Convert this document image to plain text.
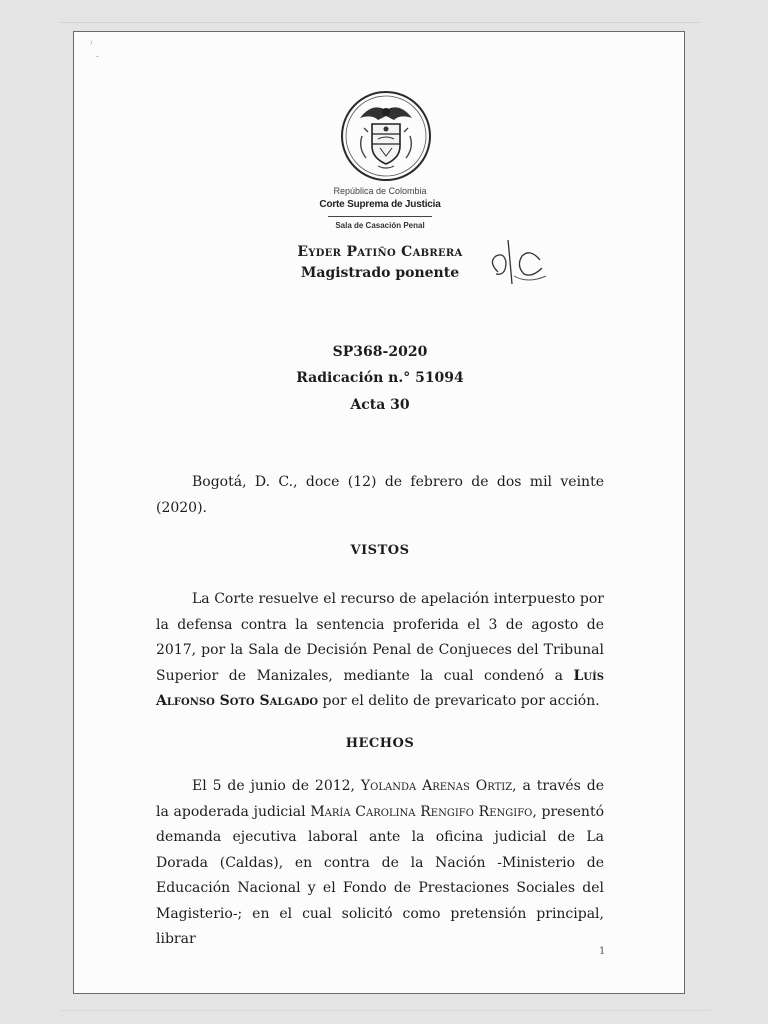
⁾
-
República de Colombia
Corte Suprema de Justicia
Sala de Casación Penal
Eyder Patiño Cabrera
Magistrado ponente
SP368-2020
Radicación n.° 51094
Acta 30

Bogotá, D. C., doce (12) de febrero de dos mil veinte (2020).

VISTOS

La Corte resuelve el recurso de apelación interpuesto por la defensa contra la sentencia proferida el 3 de agosto de 2017, por la Sala de Decisión Penal de Conjueces del Tribunal Superior de Manizales, mediante la cual condenó a Luís Alfonso Soto Salgado por el delito de prevaricato por acción.

HECHOS

El 5 de junio de 2012, Yolanda Arenas Ortiz, a través de la apoderada judicial María Carolina Rengifo Rengifo, presentó demanda ejecutiva laboral ante la oficina judicial de La Dorada (Caldas), en contra de la Nación -Ministerio de Educación Nacional y el Fondo de Prestaciones Sociales del Magisterio-; en el cual solicitó como pretensión principal, librar

1
